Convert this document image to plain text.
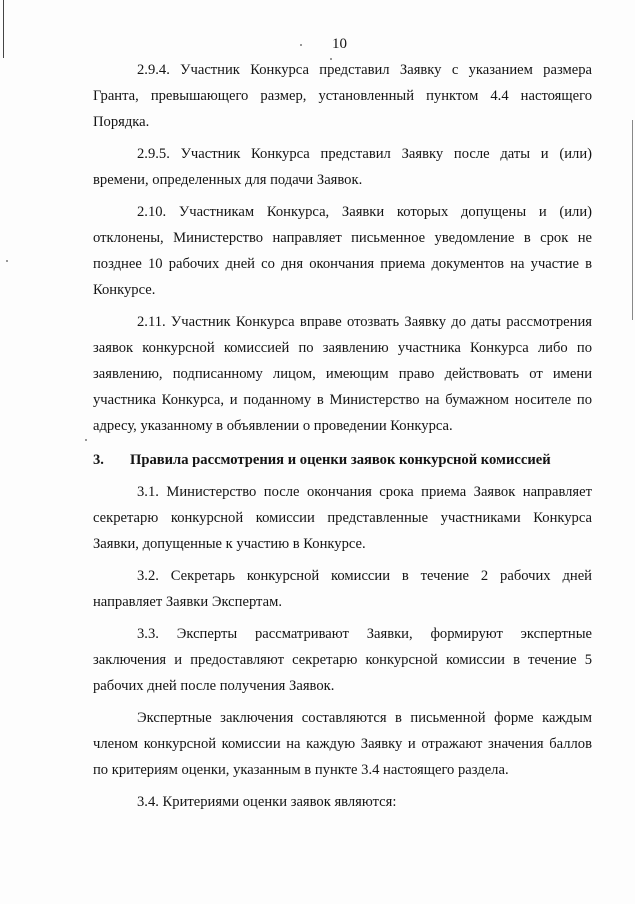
10

2.9.4. Участник Конкурса представил Заявку с указанием размера Гранта, превышающего размер, установленный пунктом 4.4 настоящего Порядка.

2.9.5. Участник Конкурса представил Заявку после даты и (или) времени, определенных для подачи Заявок.

2.10. Участникам Конкурса, Заявки которых допущены и (или) отклонены, Министерство направляет письменное уведомление в срок не позднее 10 рабочих дней со дня окончания приема документов на участие в Конкурсе.

2.11. Участник Конкурса вправе отозвать Заявку до даты рассмотрения заявок конкурсной комиссией по заявлению участника Конкурса либо по заявлению, подписанному лицом, имеющим право действовать от имени участника Конкурса, и поданному в Министерство на бумажном носителе по адресу, указанному в объявлении о проведении Конкурса.

3.	Правила рассмотрения и оценки заявок конкурсной комиссией

3.1. Министерство после окончания срока приема Заявок направляет секретарю конкурсной комиссии представленные участниками Конкурса Заявки, допущенные к участию в Конкурсе.

3.2. Секретарь конкурсной комиссии в течение 2 рабочих дней направляет Заявки Экспертам.

3.3. Эксперты рассматривают Заявки, формируют экспертные заключения и предоставляют секретарю конкурсной комиссии в течение 5 рабочих дней после получения Заявок.

Экспертные заключения составляются в письменной форме каждым членом конкурсной комиссии на каждую Заявку и отражают значения баллов по критериям оценки, указанным в пункте 3.4 настоящего раздела.

3.4. Критериями оценки заявок являются:
